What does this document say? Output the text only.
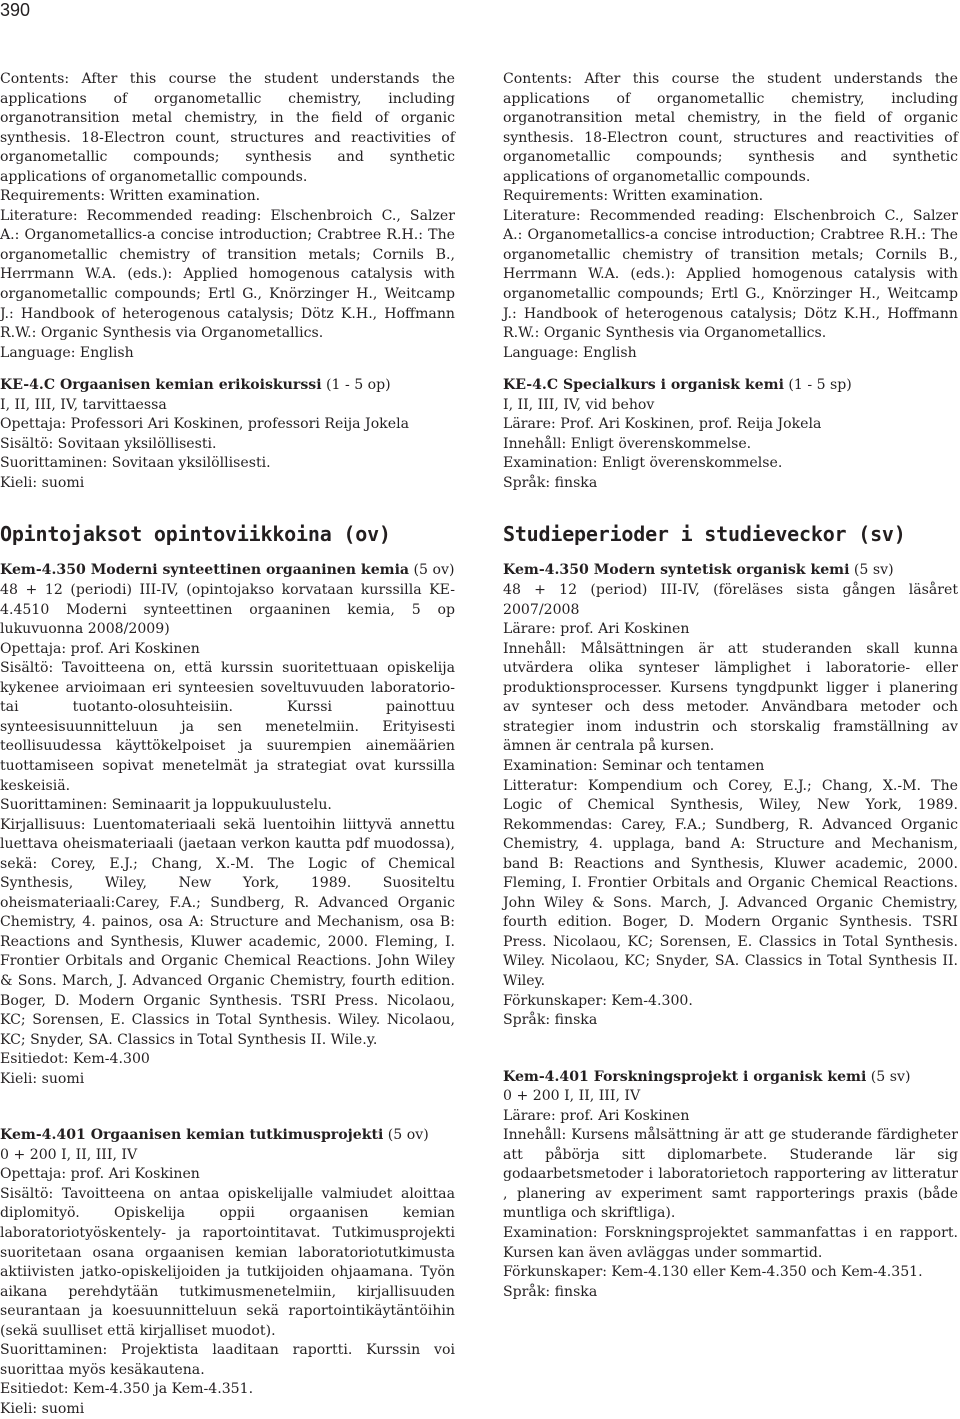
390

Contents: After this course the student understands the applications of organometallic chemistry, including organotransition metal chemistry, in the field of organic synthesis. 18-Electron count, structures and reactivities of organometallic compounds; synthesis and synthetic applications of organometallic compounds.

Requirements: Written examination.

Literature: Recommended reading: Elschenbroich C., Salzer A.: Organometallics-a concise introduction; Crabtree R.H.: The organometallic chemistry of transition metals; Cornils B., Herrmann W.A. (eds.): Applied homogenous catalysis with organometallic compounds; Ertl G., Knörzinger H., Weitcamp J.: Handbook of heterogenous catalysis; Dötz K.H., Hoffmann R.W.: Organic Synthesis via Organometallics.

Language: English

KE-4.C Orgaanisen kemian erikoiskurssi (1 - 5 op)

I, II, III, IV, tarvittaessa

Opettaja: Professori Ari Koskinen, professori Reija Jokela

Sisältö: Sovitaan yksilöllisesti.

Suorittaminen: Sovitaan yksilöllisesti.

Kieli: suomi

Opintojaksot opintoviikkoina (ov)

Kem-4.350 Moderni synteettinen orgaaninen kemia (5 ov)

48 + 12 (periodi) III-IV, (opintojakso korvataan kurssilla KE-4.4510 Moderni synteettinen orgaaninen kemia, 5 op lukuvuonna 2008/2009)

Opettaja: prof. Ari Koskinen

Sisältö: Tavoitteena on, että kurssin suoritettuaan opiskelija kykenee arvioimaan eri synteesien soveltuvuuden laboratorio- tai tuotanto-olosuhteisiin. Kurssi painottuu synteesisuunnitteluun ja sen menetelmiin. Erityisesti teollisuudessa käyttökelpoiset ja suurempien ainemäärien tuottamiseen sopivat menetelmät ja strategiat ovat kurssilla keskeisiä.

Suorittaminen: Seminaarit ja loppukuulustelu.

Kirjallisuus: Luentomateriaali sekä luentoihin liittyvä annettu luettava oheismateriaali (jaetaan verkon kautta pdf muodossa), sekä: Corey, E.J.; Chang, X.-M. The Logic of Chemical Synthesis, Wiley, New York, 1989. Suositeltu oheismateriaali:Carey, F.A.; Sundberg, R. Advanced Organic Chemistry, 4. painos, osa A: Structure and Mechanism, osa B: Reactions and Synthesis, Kluwer academic, 2000. Fleming, I. Frontier Orbitals and Organic Chemical Reactions. John Wiley & Sons. March, J. Advanced Organic Chemistry, fourth edition. Boger, D. Modern Organic Synthesis. TSRI Press. Nicolaou, KC; Sorensen, E. Classics in Total Synthesis. Wiley. Nicolaou, KC; Snyder, SA. Classics in Total Synthesis II. Wile.y.

Esitiedot: Kem-4.300

Kieli: suomi

Kem-4.401 Orgaanisen kemian tutkimusprojekti (5 ov)

0 + 200 I, II, III, IV

Opettaja: prof. Ari Koskinen

Sisältö: Tavoitteena on antaa opiskelijalle valmiudet aloittaa diplomityö. Opiskelija oppii orgaanisen kemian laboratoriotyöskentely- ja raportointitavat. Tutkimusprojekti suoritetaan osana orgaanisen kemian laboratoriotutkimusta aktiivisten jatko-opiskelijoiden ja tutkijoiden ohjaamana. Työn aikana perehdytään tutkimusmenetelmiin, kirjallisuuden seurantaan ja koesuunnitteluun sekä raportointikäytäntöihin (sekä suulliset että kirjalliset muodot).

Suorittaminen: Projektista laaditaan raportti. Kurssin voi suorittaa myös kesäkautena.

Esitiedot: Kem-4.350 ja Kem-4.351.

Kieli: suomi

Contents: After this course the student understands the applications of organometallic chemistry, including organotransition metal chemistry, in the field of organic synthesis. 18-Electron count, structures and reactivities of organometallic compounds; synthesis and synthetic applications of organometallic compounds.

Requirements: Written examination.

Literature: Recommended reading: Elschenbroich C., Salzer A.: Organometallics-a concise introduction; Crabtree R.H.: The organometallic chemistry of transition metals; Cornils B., Herrmann W.A. (eds.): Applied homogenous catalysis with organometallic compounds; Ertl G., Knörzinger H., Weitcamp J.: Handbook of heterogenous catalysis; Dötz K.H., Hoffmann R.W.: Organic Synthesis via Organometallics.

Language: English

KE-4.C Specialkurs i organisk kemi (1 - 5 sp)

I, II, III, IV, vid behov

Lärare: Prof. Ari Koskinen, prof. Reija Jokela

Innehåll: Enligt överenskommelse.

Examination: Enligt överenskommelse.

Språk: finska

Studieperioder i studieveckor (sv)

Kem-4.350 Modern syntetisk organisk kemi (5 sv)

48 + 12 (period) III-IV, (föreläses sista gången läsåret 2007/2008

Lärare: prof. Ari Koskinen

Innehåll: Målsättningen är att studeranden skall kunna utvärdera olika synteser lämplighet i laboratorie- eller produktionsprocesser. Kursens tyngdpunkt ligger i planering av synteser och dess metoder. Användbara metoder och strategier inom industrin och storskalig framställning av ämnen är centrala på kursen.

Examination: Seminar och tentamen

Litteratur: Kompendium och Corey, E.J.; Chang, X.-M. The Logic of Chemical Synthesis, Wiley, New York, 1989. Rekommendas: Carey, F.A.; Sundberg, R. Advanced Organic Chemistry, 4. upplaga, band A: Structure and Mechanism, band B: Reactions and Synthesis, Kluwer academic, 2000. Fleming, I. Frontier Orbitals and Organic Chemical Reactions. John Wiley & Sons. March, J. Advanced Organic Chemistry, fourth edition. Boger, D. Modern Organic Synthesis. TSRI Press. Nicolaou, KC; Sorensen, E. Classics in Total Synthesis. Wiley. Nicolaou, KC; Snyder, SA. Classics in Total Synthesis II. Wiley.

Förkunskaper: Kem-4.300.

Språk: finska

Kem-4.401 Forskningsprojekt i organisk kemi (5 sv)

0 + 200 I, II, III, IV

Lärare: prof. Ari Koskinen

Innehåll: Kursens målsättning är att ge studerande färdigheter att påbörja sitt diplomarbete. Studerande lär sig godaarbetsmetoder i laboratorietoch rapportering av litteratur , planering av experiment samt rapporterings praxis (både muntliga och skriftliga).

Examination: Forskningsprojektet sammanfattas i en rapport. Kursen kan även avläggas under sommartid.

Förkunskaper: Kem-4.130 eller Kem-4.350 och Kem-4.351.

Språk: finska
